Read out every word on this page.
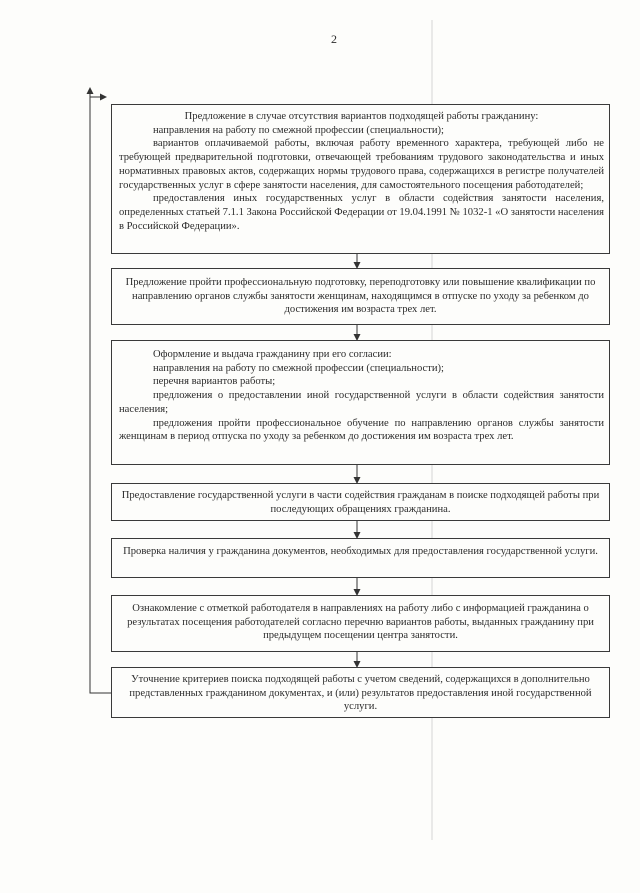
2

Предложение в случае отсутствия вариантов подходящей работы гражданину:

направления на работу по смежной профессии (специальности);

вариантов оплачиваемой работы, включая работу временного характера, требующей либо не требующей предварительной подготовки, отвечающей требованиям трудового законодательства и иных нормативных правовых актов, содержащих нормы трудового права, содержащихся в регистре получателей государственных услуг в сфере занятости населения, для самостоятельного посещения работодателей;

предоставления иных государственных услуг в области содействия занятости населения, определенных статьей 7.1.1 Закона Российской Федерации от 19.04.1991 № 1032-1 «О занятости населения в Российской Федерации».

Предложение пройти профессиональную подготовку, переподготовку или повышение квалификации по направлению органов службы занятости женщинам, находящимся в отпуске по уходу за ребенком до достижения им возраста трех лет.

Оформление и выдача гражданину при его согласии:

направления на работу по смежной профессии (специальности);

перечня вариантов работы;

предложения о предоставлении иной государственной услуги в области содействия занятости населения;

предложения пройти профессиональное обучение по направлению органов службы занятости женщинам в период отпуска по уходу за ребенком до достижения им возраста трех лет.

Предоставление государственной услуги в части содействия гражданам в поиске подходящей работы при последующих обращениях гражданина.

Проверка наличия у гражданина документов, необходимых для предоставления государственной услуги.

Ознакомление с отметкой работодателя в направлениях на работу либо с информацией гражданина о результатах посещения работодателей согласно перечню вариантов работы, выданных гражданину при предыдущем посещении центра занятости.

Уточнение критериев поиска подходящей работы с учетом сведений, содержащихся в дополнительно представленных гражданином документах, и (или) результатов предоставления иной государственной услуги.
